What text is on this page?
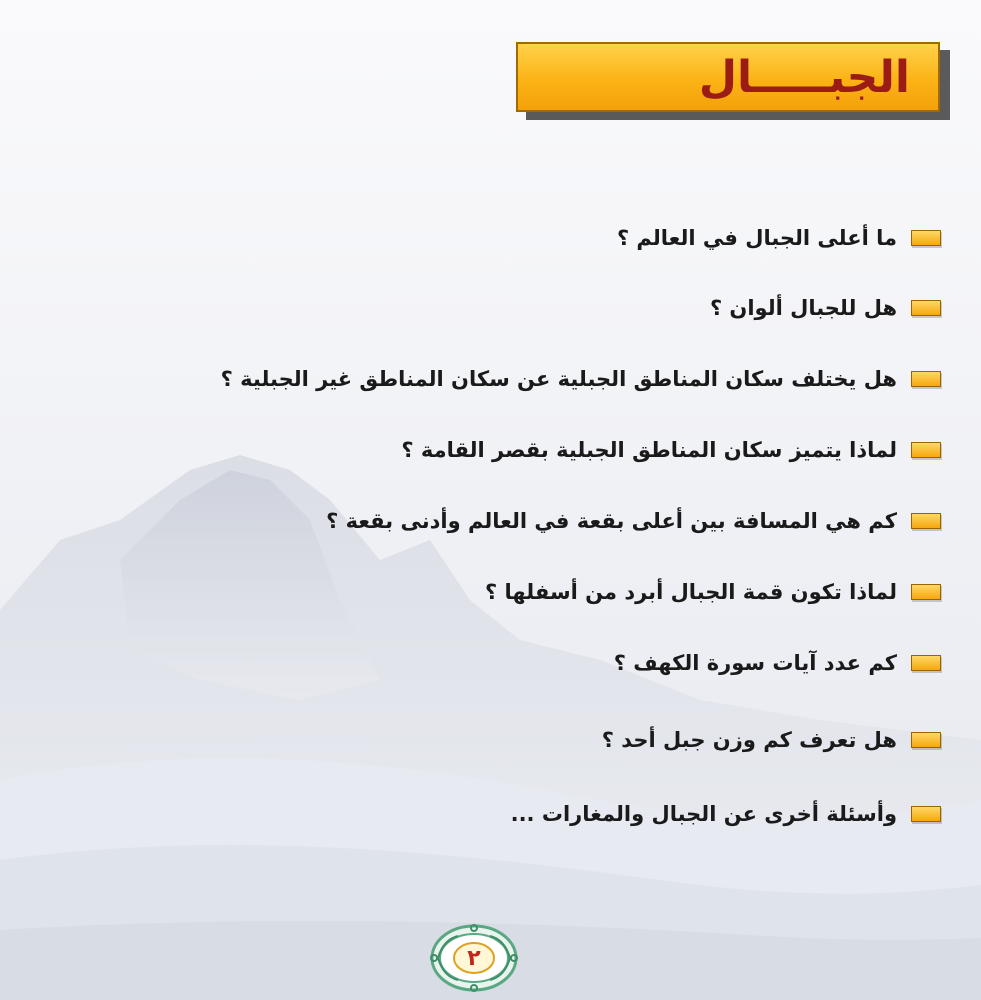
الجبـــــال
ما أعلى الجبال في العالم ؟
هل للجبال ألوان ؟
هل يختلف سكان المناطق الجبلية عن سكان المناطق غير الجبلية ؟
لماذا يتميز سكان المناطق الجبلية بقصر القامة ؟
كم هي المسافة بين أعلى بقعة في العالم وأدنى بقعة ؟
لماذا تكون قمة الجبال أبرد من أسفلها ؟
كم عدد آيات سورة الكهف ؟
هل تعرف كم وزن جبل أحد ؟
وأسئلة أخرى عن الجبال والمغارات ...
٢
